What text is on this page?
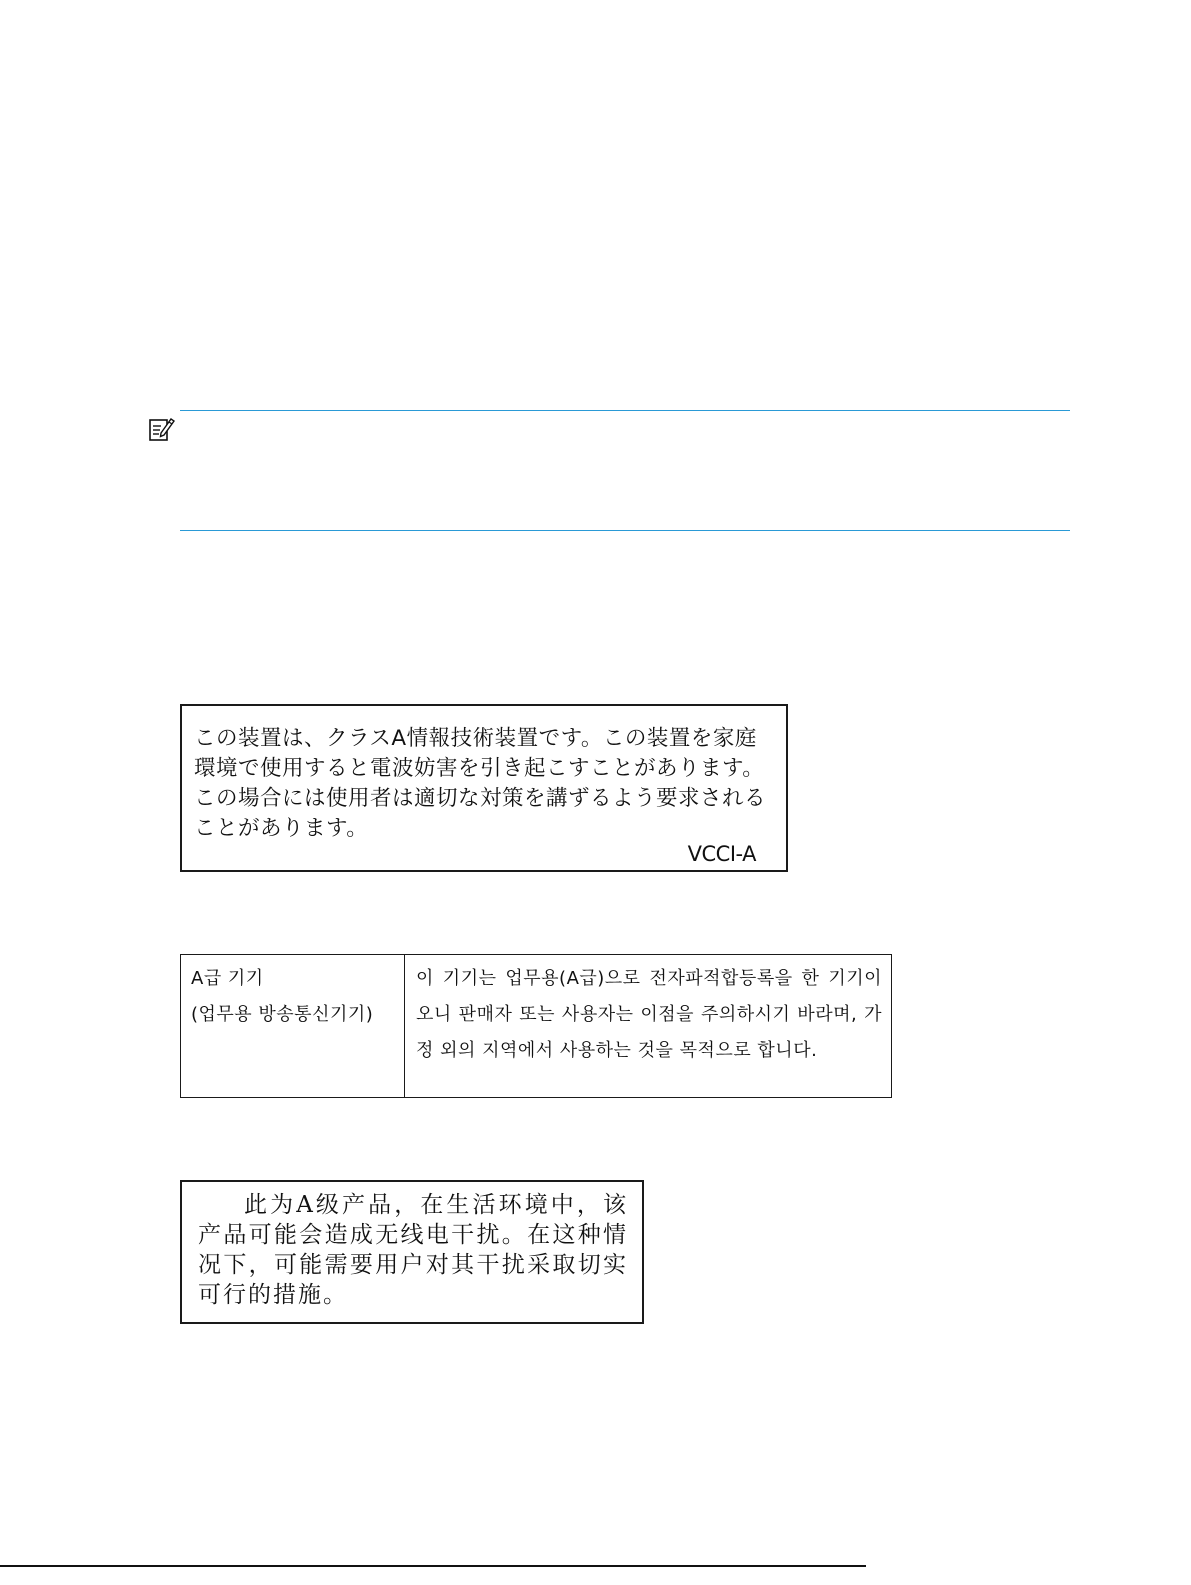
この装置は、クラスA情報技術装置です。この装置を家庭環境で使用すると電波妨害を引き起こすことがあります。この場合には使用者は適切な対策を講ずるよう要求されることがあります。
VCCI-A
A급 기기
(업무용 방송통신기기)
이 기기는 업무용(A급)으로 전자파적합등록을 한 기기이오니 판매자 또는 사용자는 이점을 주의하시기 바라며, 가정 외의 지역에서 사용하는 것을 목적으로 합니다.
此为A级产品，在生活环境中，该产品可能会造成无线电干扰。在这种情况下，可能需要用户对其干扰采取切实可行的措施。
